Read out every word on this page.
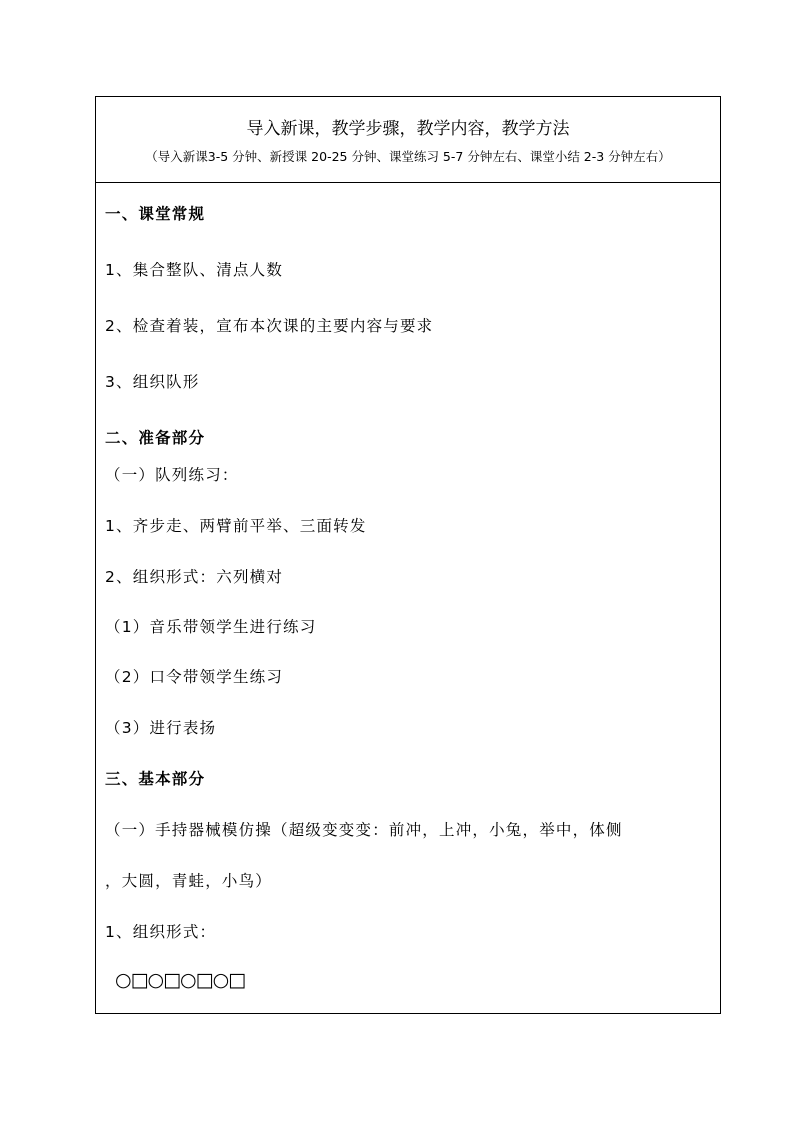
导入新课，教学步骤，教学内容，教学方法
（导入新课3-5 分钟、新授课 20-25 分钟、课堂练习 5-7 分钟左右、课堂小结 2-3 分钟左右）
一、课堂常规
1、集合整队、清点人数
2、检查着装，宣布本次课的主要内容与要求
3、组织队形
二、准备部分
（一）队列练习：
1、齐步走、两臂前平举、三面转发
2、组织形式：六列横对
（1）音乐带领学生进行练习
（2）口令带领学生练习
（3）进行表扬
三、基本部分
（一）手持器械模仿操（超级变变变：前冲，上冲，小兔，举中，体侧
，大圆，青蛙，小鸟）
1、组织形式：
○□○□○□○□
